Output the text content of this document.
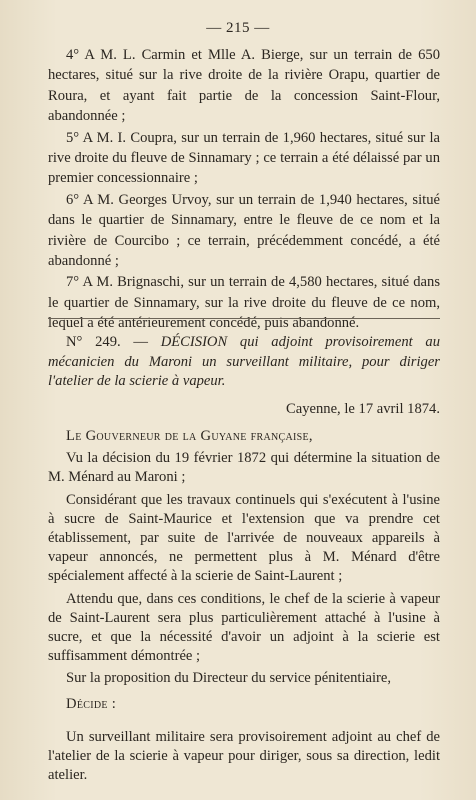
— 215 —

4° A M. L. Carmin et Mlle A. Bierge, sur un terrain de 650 hectares, situé sur la rive droite de la rivière Orapu, quartier de Roura, et ayant fait partie de la concession Saint-Flour, abandonnée ;

5° A M. I. Coupra, sur un terrain de 1,960 hectares, situé sur la rive droite du fleuve de Sinnamary ; ce terrain a été délaissé par un premier concessionnaire ;

6° A M. Georges Urvoy, sur un terrain de 1,940 hectares, situé dans le quartier de Sinnamary, entre le fleuve de ce nom et la rivière de Courcibo ; ce terrain, précédemment concédé, a été abandonné ;

7° A M. Brignaschi, sur un terrain de 4,580 hectares, situé dans le quartier de Sinnamary, sur la rive droite du fleuve de ce nom, lequel a été antérieurement concédé, puis abandonné.

N° 249. — DÉCISION qui adjoint provisoirement au mécanicien du Maroni un surveillant militaire, pour diriger l'atelier de la scierie à vapeur.
Cayenne, le 17 avril 1874.

Le Gouverneur de la Guyane française,

Vu la décision du 19 février 1872 qui détermine la situation de M. Ménard au Maroni ;

Considérant que les travaux continuels qui s'exécutent à l'usine à sucre de Saint-Maurice et l'extension que va prendre cet établissement, par suite de l'arrivée de nouveaux appareils à vapeur annoncés, ne permettent plus à M. Ménard d'être spécialement affecté à la scierie de Saint-Laurent ;

Attendu que, dans ces conditions, le chef de la scierie à vapeur de Saint-Laurent sera plus particulièrement attaché à l'usine à sucre, et que la nécessité d'avoir un adjoint à la scierie est suffisamment démontrée ;

Sur la proposition du Directeur du service pénitentiaire,

Décide :

Un surveillant militaire sera provisoirement adjoint au chef de l'atelier de la scierie à vapeur pour diriger, sous sa direction, ledit atelier.
